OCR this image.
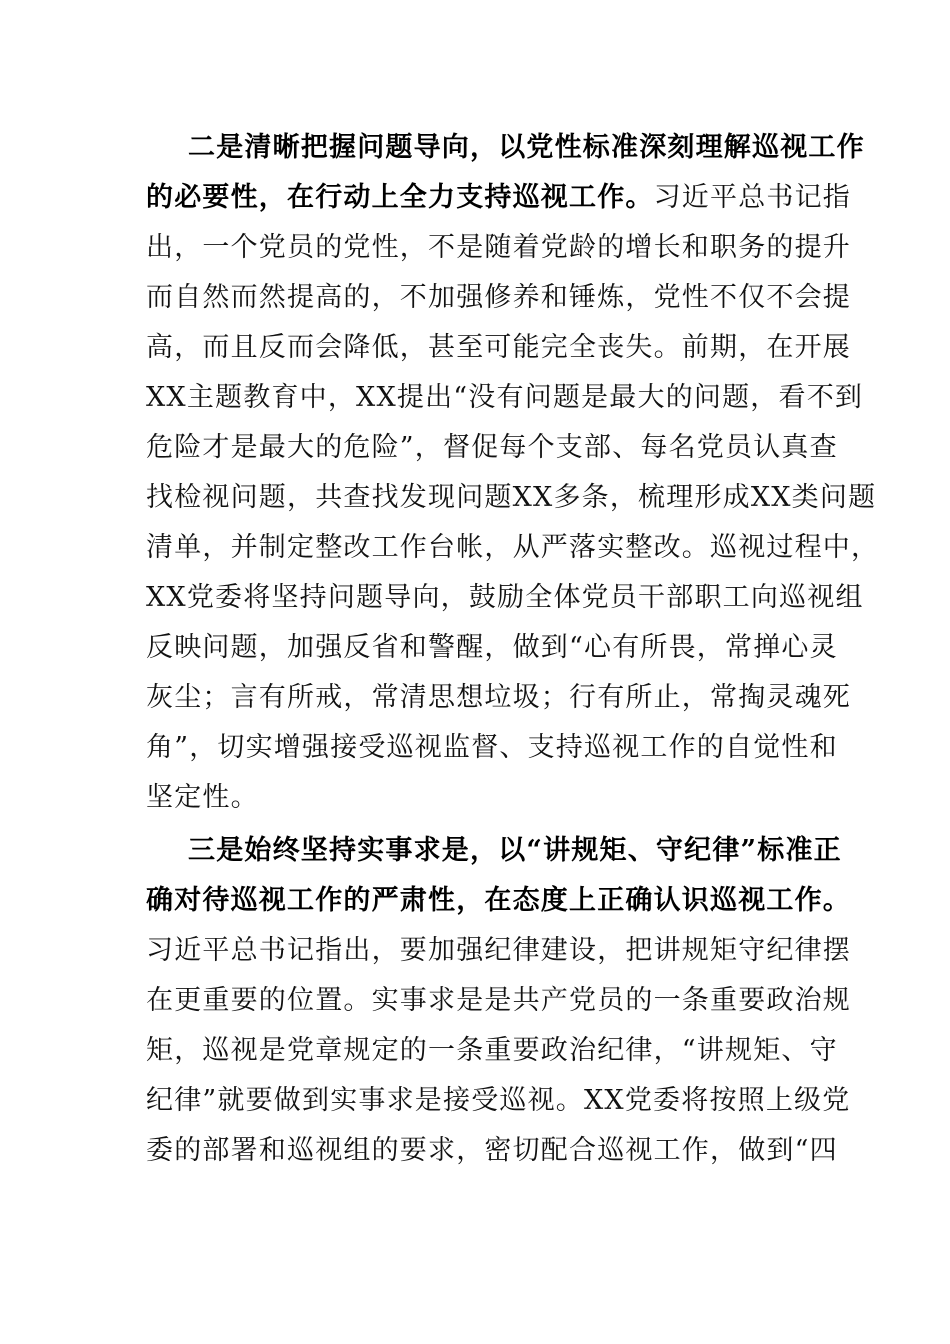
二是清晰把握问题导向，以党性标准深刻理解巡视工作
的必要性，在行动上全力支持巡视工作。习近平总书记指
出，一个党员的党性，不是随着党龄的增长和职务的提升
而自然而然提高的，不加强修养和锤炼，党性不仅不会提
高，而且反而会降低，甚至可能完全丧失。前期，在开展
XX主题教育中，XX提出“没有问题是最大的问题，看不到
危险才是最大的危险”，督促每个支部、每名党员认真查
找检视问题，共查找发现问题XX多条，梳理形成XX类问题
清单，并制定整改工作台帐，从严落实整改。巡视过程中，
XX党委将坚持问题导向，鼓励全体党员干部职工向巡视组
反映问题，加强反省和警醒，做到“心有所畏，常掸心灵
灰尘；言有所戒，常清思想垃圾；行有所止，常掏灵魂死
角”，切实增强接受巡视监督、支持巡视工作的自觉性和
坚定性。
三是始终坚持实事求是，以“讲规矩、守纪律”标准正
确对待巡视工作的严肃性，在态度上正确认识巡视工作。
习近平总书记指出，要加强纪律建设，把讲规矩守纪律摆
在更重要的位置。实事求是是共产党员的一条重要政治规
矩，巡视是党章规定的一条重要政治纪律，“讲规矩、守
纪律”就要做到实事求是接受巡视。XX党委将按照上级党
委的部署和巡视组的要求，密切配合巡视工作，做到“四
